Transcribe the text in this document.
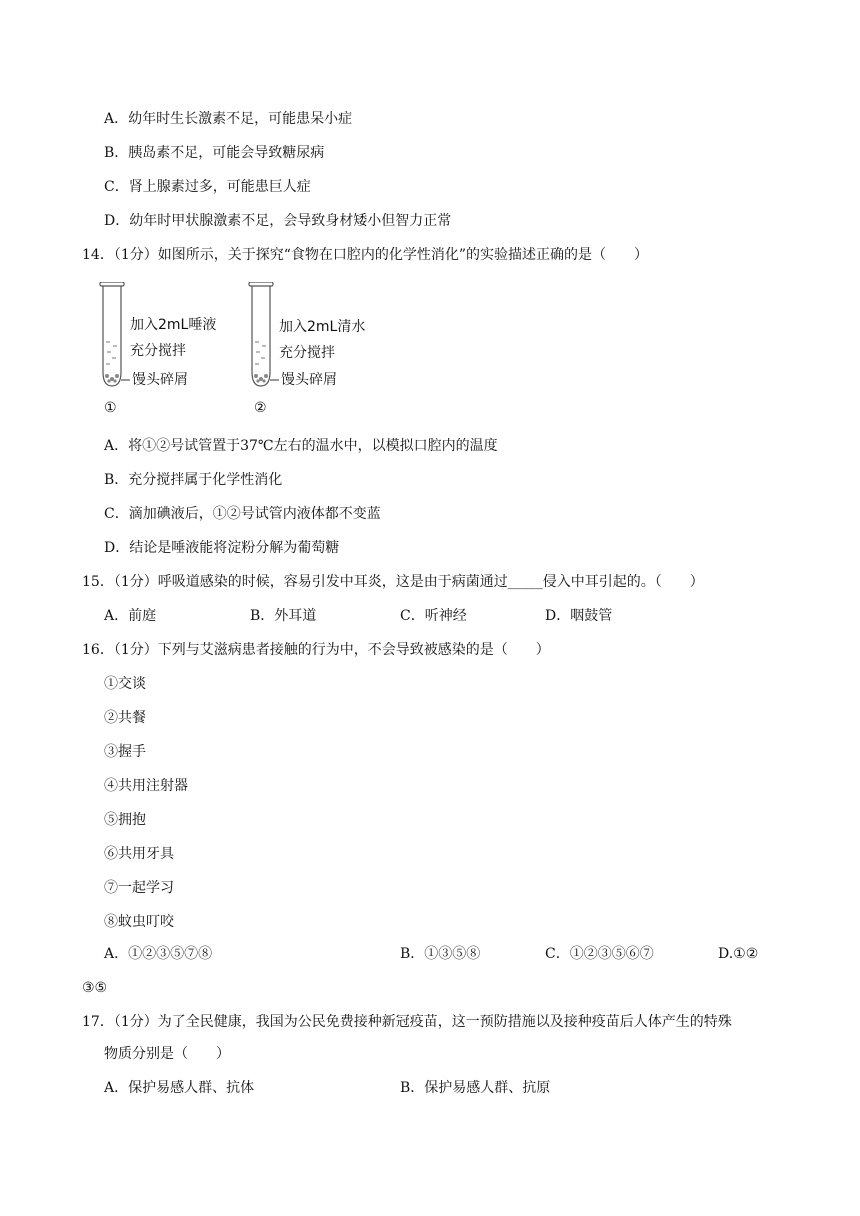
A．幼年时生长激素不足，可能患呆小症
B．胰岛素不足，可能会导致糖尿病
C．肾上腺素过多，可能患巨人症
D．幼年时甲状腺激素不足，会导致身材矮小但智力正常
14．（1分）如图所示，关于探究“食物在口腔内的化学性消化”的实验描述正确的是（　　）
加入2mL唾液
充分搅拌
馒头碎屑
①
加入2mL清水
充分搅拌
馒头碎屑
②
A．将①②号试管置于37℃左右的温水中，以模拟口腔内的温度
B．充分搅拌属于化学性消化
C．滴加碘液后，①②号试管内液体都不变蓝
D．结论是唾液能将淀粉分解为葡萄糖
15．（1分）呼吸道感染的时候，容易引发中耳炎，这是由于病菌通过_____侵入中耳引起的。（　　）
A．前庭	B．外耳道	C．听神经	D．咽鼓管
16．（1分）下列与艾滋病患者接触的行为中，不会导致被感染的是（　　）
①交谈
②共餐
③握手
④共用注射器
⑤拥抱
⑥共用牙具
⑦一起学习
⑧蚊虫叮咬
A．①②③⑤⑦⑧	B．①③⑤⑧	C．①②③⑤⑥⑦	D.①②
③⑤
17．（1分）为了全民健康，我国为公民免费接种新冠疫苗，这一预防措施以及接种疫苗后人体产生的特殊
物质分别是（　　）
A．保护易感人群、抗体	B．保护易感人群、抗原
